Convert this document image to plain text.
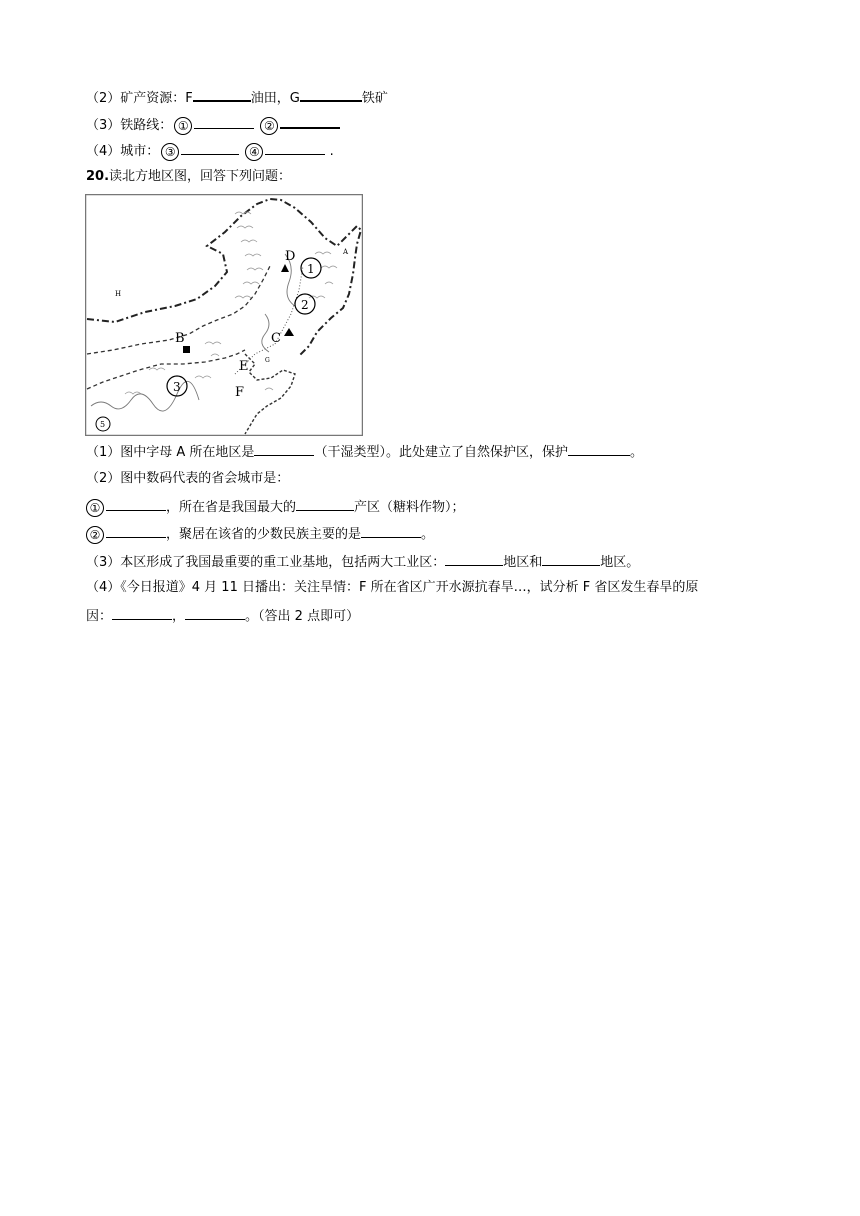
（2）矿产资源：F	油田，G	铁矿
（3）铁路线： ①	②
（4）城市： ③	④	.
20.读北方地区图，回答下列问题：
D
1
2
3
5
A
H
B	C
E
F
G
（1）图中字母 A 所在地区是	（干湿类型）。此处建立了自然保护区，保护	。
（2）图中数码代表的省会城市是：
①	，所在省是我国最大的	产区（糖料作物）；
②	，聚居在该省的少数民族主要的是	。
（3）本区形成了我国最重要的重工业基地，包括两大工业区：	地区和	地区。
（4）《今日报道》4 月 11 日播出：关注旱情：F 所在省区广开水源抗春旱…，试分析 F 省区发生春旱的原
因：	，	。（答出 2 点即可）
